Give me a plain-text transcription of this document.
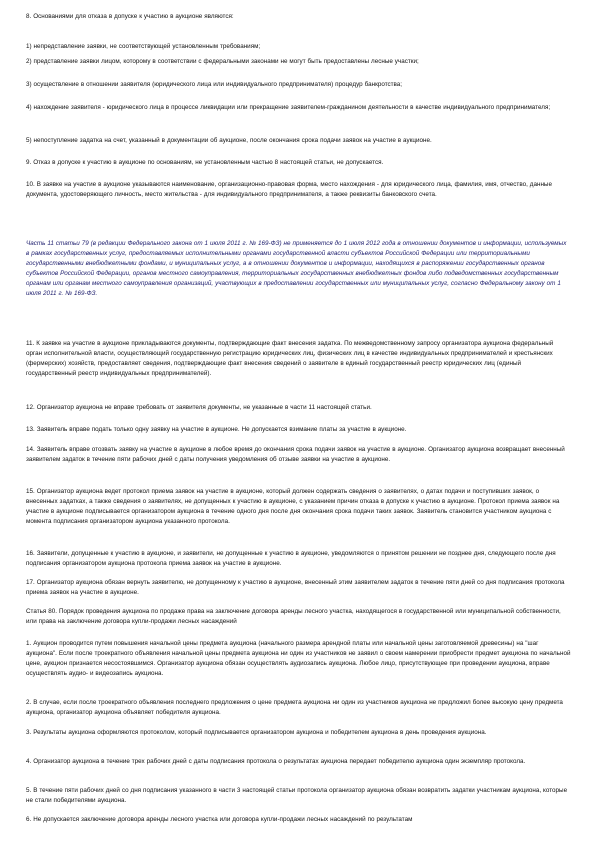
8. Основаниями для отказа в допуске к участию в аукционе являются:

1) непредставление заявки, не соответствующей установленным требованиям;

2) представление заявки лицом, которому в соответствии с федеральными законами не могут быть предоставлены лесные участки;

3) осуществление в отношении заявителя (юридического лица или индивидуального предпринимателя) процедур банкротства;

4) нахождение заявителя - юридического лица в процессе ликвидации или прекращение заявителем-гражданином деятельности в качестве индивидуального предпринимателя;

5) непоступление задатка на счет, указанный в документации об аукционе, после окончания срока подачи заявок на участие в аукционе.

9. Отказ в допуске к участию в аукционе по основаниям, не установленным частью 8 настоящей статьи, не допускается.

10. В заявке на участие в аукционе указываются наименование, организационно-правовая форма, место нахождения - для юридического лица, фамилия, имя, отчество, данные документа, удостоверяющего личность, место жительства - для индивидуального предпринимателя, а также реквизиты банковского счета.

Часть 11 статьи 79 (в редакции Федерального закона от 1 июля 2011 г. № 169-ФЗ) не применяется до 1 июля 2012 года в отношении документов и информации, используемых в рамках государственных услуг, предоставляемых исполнительными органами государственной власти субъектов Российской Федерации или территориальными государственными внебюджетными фондами, и муниципальных услуг, а в отношении документов и информации, находящихся в распоряжении государственных органов субъектов Российской Федерации, органов местного самоуправления, территориальных государственных внебюджетных фондов либо подведомственных государственным органам или органам местного самоуправления организаций, участвующих в предоставлении государственных или муниципальных услуг, согласно Федеральному закону от 1 июля 2011 г. № 169-ФЗ.

11. К заявке на участие в аукционе прикладываются документы, подтверждающие факт внесения задатка. По межведомственному запросу организатора аукциона федеральный орган исполнительной власти, осуществляющий государственную регистрацию юридических лиц, физических лиц в качестве индивидуальных предпринимателей и крестьянских (фермерских) хозяйств, предоставляет сведения, подтверждающие факт внесения сведений о заявителе в единый государственный реестр юридических лиц (единый государственный реестр индивидуальных предпринимателей).

12. Организатор аукциона не вправе требовать от заявителя документы, не указанные в части 11 настоящей статьи.

13. Заявитель вправе подать только одну заявку на участие в аукционе. Не допускается взимание платы за участие в аукционе.

14. Заявитель вправе отозвать заявку на участие в аукционе в любое время до окончания срока подачи заявок на участие в аукционе. Организатор аукциона возвращает внесенный заявителем задаток в течение пяти рабочих дней с даты получения уведомления об отзыве заявки на участие в аукционе.

15. Организатор аукциона ведет протокол приема заявок на участие в аукционе, который должен содержать сведения о заявителях, о датах подачи и поступивших заявок, о внесенных задатках, а также сведения о заявителях, не допущенных к участию в аукционе, с указанием причин отказа в допуске к участию в аукционе. Протокол приема заявок на участие в аукционе подписывается организатором аукциона в течение одного дня после дня окончания срока подачи таких заявок. Заявитель становится участником аукциона с момента подписания организатором аукциона указанного протокола.

16. Заявители, допущенные к участию в аукционе, и заявители, не допущенные к участию в аукционе, уведомляются о принятом решении не позднее дня, следующего после дня подписания организатором аукциона протокола приема заявок на участие в аукционе.

17. Организатор аукциона обязан вернуть заявителю, не допущенному к участию в аукционе, внесенный этим заявителем задаток в течение пяти дней со дня подписания протокола приема заявок на участие в аукционе.

Статья 80. Порядок проведения аукциона по продаже права на заключение договора аренды лесного участка, находящегося в государственной или муниципальной собственности, или права на заключение договора купли-продажи лесных насаждений

1. Аукцион проводится путем повышения начальной цены предмета аукциона (начального размера арендной платы или начальной цены заготовляемой древесины) на "шаг аукциона". Если после троекратного объявления начальной цены предмета аукциона ни один из участников не заявил о своем намерении приобрести предмет аукциона по начальной цене, аукцион признается несостоявшимся. Организатор аукциона обязан осуществлять аудиозапись аукциона. Любое лицо, присутствующее при проведении аукциона, вправе осуществлять аудио- и видеозапись аукциона.

2. В случае, если после троекратного объявления последнего предложения о цене предмета аукциона ни один из участников аукциона не предложил более высокую цену предмета аукциона, организатор аукциона объявляет победителя аукциона.

3. Результаты аукциона оформляются протоколом, который подписывается организатором аукциона и победителем аукциона в день проведения аукциона.

4. Организатор аукциона в течение трех рабочих дней с даты подписания протокола о результатах аукциона передает победителю аукциона один экземпляр протокола.

5. В течение пяти рабочих дней со дня подписания указанного в части 3 настоящей статьи протокола организатор аукциона обязан возвратить задатки участникам аукциона, которые не стали победителями аукциона.

6. Не допускается заключение договора аренды лесного участка или договора купли-продажи лесных насаждений по результатам
